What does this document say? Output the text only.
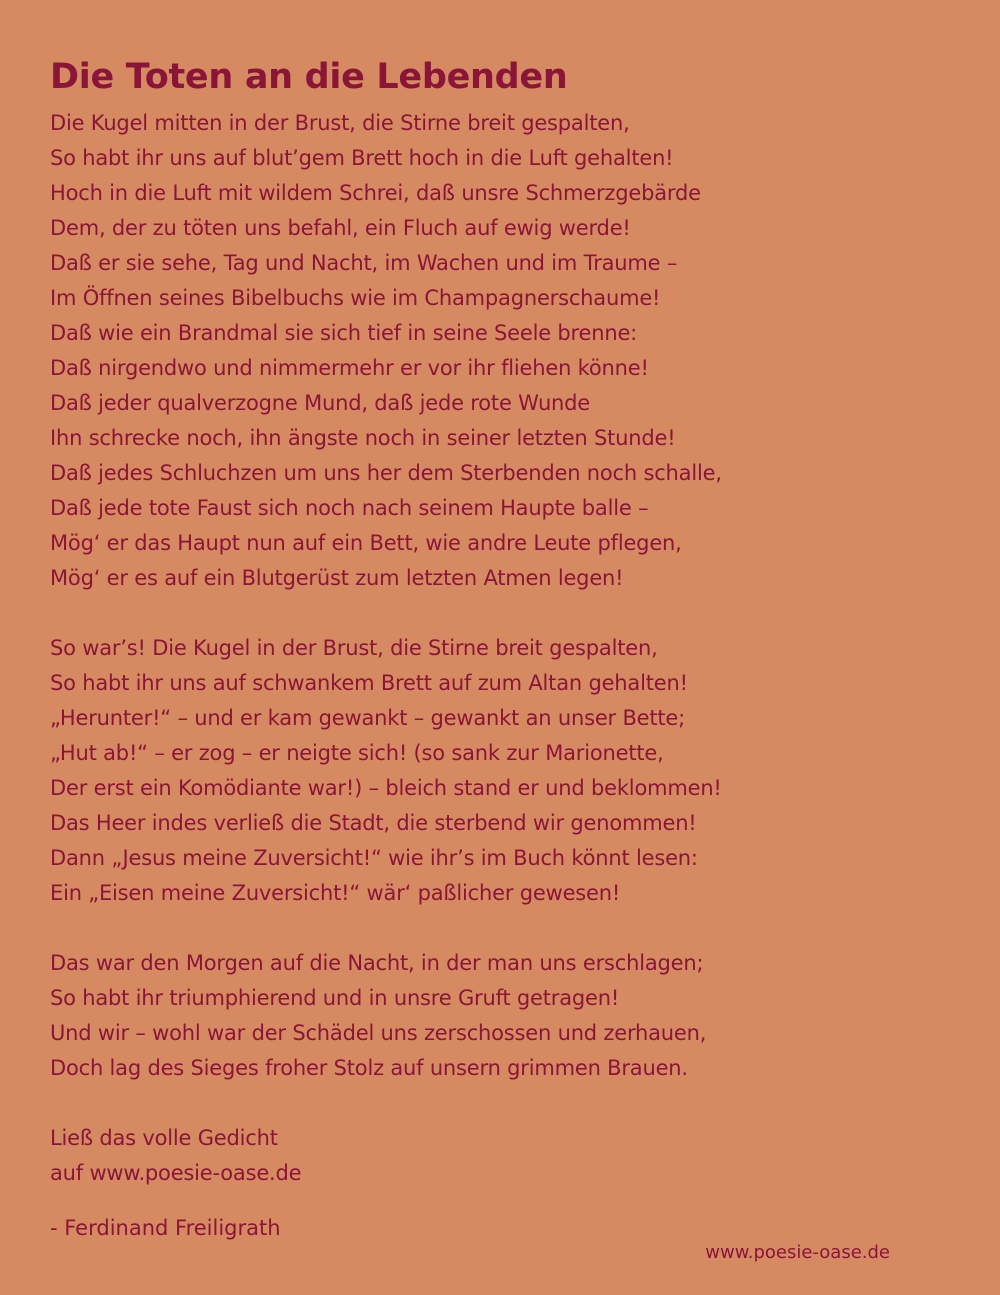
Die Toten an die Lebenden
Die Kugel mitten in der Brust, die Stirne breit gespalten,
So habt ihr uns auf blut’gem Brett hoch in die Luft gehalten!
Hoch in die Luft mit wildem Schrei, daß unsre Schmerzgebärde
Dem, der zu töten uns befahl, ein Fluch auf ewig werde!
Daß er sie sehe, Tag und Nacht, im Wachen und im Traume –
Im Öffnen seines Bibelbuchs wie im Champagnerschaume!
Daß wie ein Brandmal sie sich tief in seine Seele brenne:
Daß nirgendwo und nimmermehr er vor ihr fliehen könne!
Daß jeder qualverzogne Mund, daß jede rote Wunde
Ihn schrecke noch, ihn ängste noch in seiner letzten Stunde!
Daß jedes Schluchzen um uns her dem Sterbenden noch schalle,
Daß jede tote Faust sich noch nach seinem Haupte balle –
Mög‘ er das Haupt nun auf ein Bett, wie andre Leute pflegen,
Mög‘ er es auf ein Blutgerüst zum letzten Atmen legen!
So war’s! Die Kugel in der Brust, die Stirne breit gespalten,
So habt ihr uns auf schwankem Brett auf zum Altan gehalten!
„Herunter!“ – und er kam gewankt – gewankt an unser Bette;
„Hut ab!“ – er zog – er neigte sich! (so sank zur Marionette,
Der erst ein Komödiante war!) – bleich stand er und beklommen!
Das Heer indes verließ die Stadt, die sterbend wir genommen!
Dann „Jesus meine Zuversicht!“ wie ihr’s im Buch könnt lesen:
Ein „Eisen meine Zuversicht!“ wär‘ paßlicher gewesen!
Das war den Morgen auf die Nacht, in der man uns erschlagen;
So habt ihr triumphierend und in unsre Gruft getragen!
Und wir – wohl war der Schädel uns zerschossen und zerhauen,
Doch lag des Sieges froher Stolz auf unsern grimmen Brauen.
Ließ das volle Gedicht
auf www.poesie-oase.de
- Ferdinand Freiligrath
www.poesie-oase.de
